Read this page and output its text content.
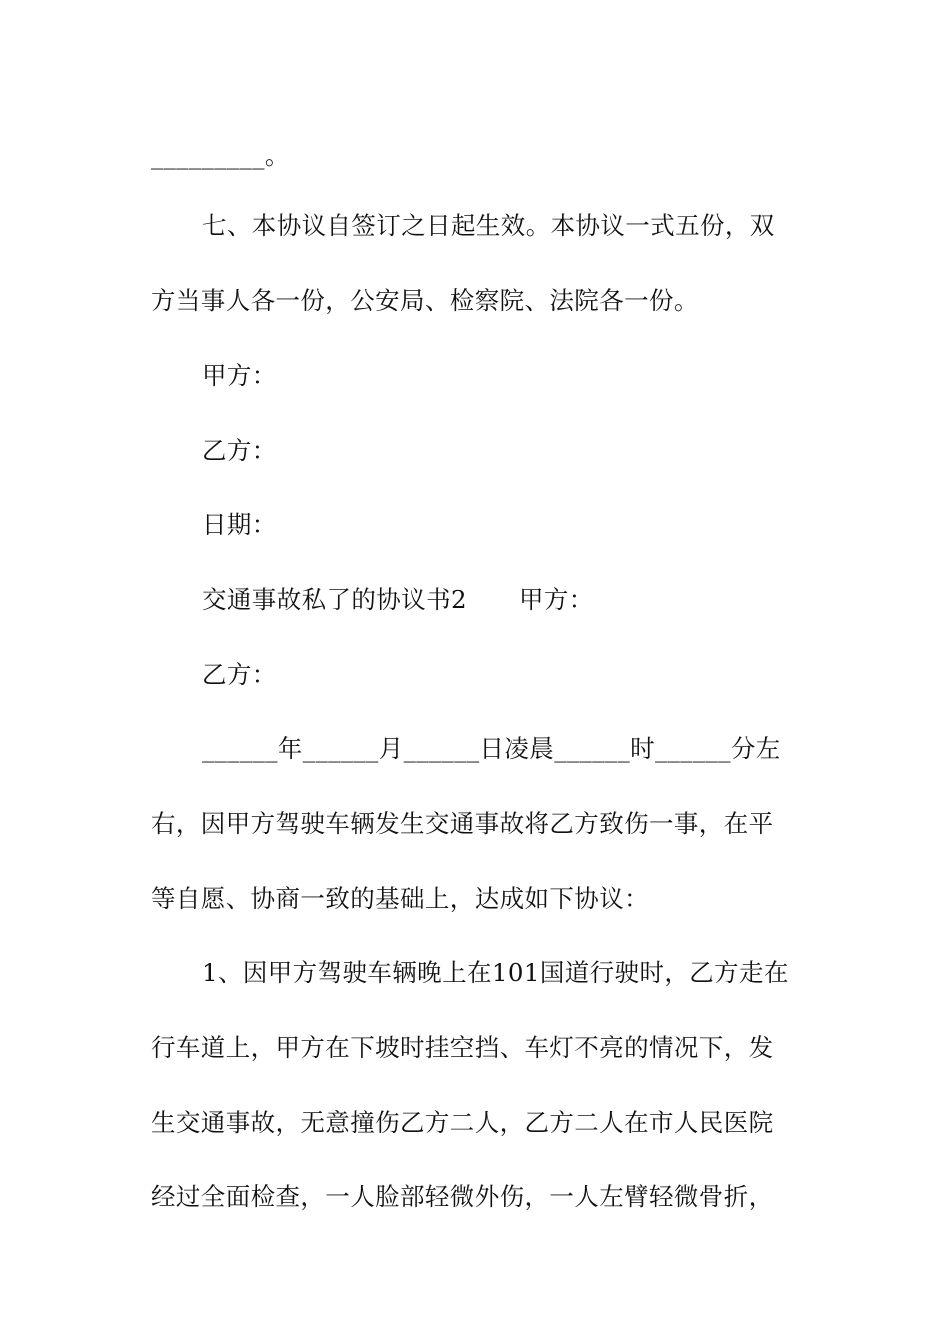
_________。
七、本协议自签订之日起生效。本协议一式五份，双
方当事人各一份，公安局、检察院、法院各一份。
甲方：
乙方：
日期：
交通事故私了的协议书2 甲方：
乙方：
______年______月______日凌晨______时______分左
右，因甲方驾驶车辆发生交通事故将乙方致伤一事，在平
等自愿、协商一致的基础上，达成如下协议：
1、因甲方驾驶车辆晚上在101国道行驶时，乙方走在
行车道上，甲方在下坡时挂空挡、车灯不亮的情况下，发
生交通事故，无意撞伤乙方二人，乙方二人在市人民医院
经过全面检查，一人脸部轻微外伤，一人左臂轻微骨折，
